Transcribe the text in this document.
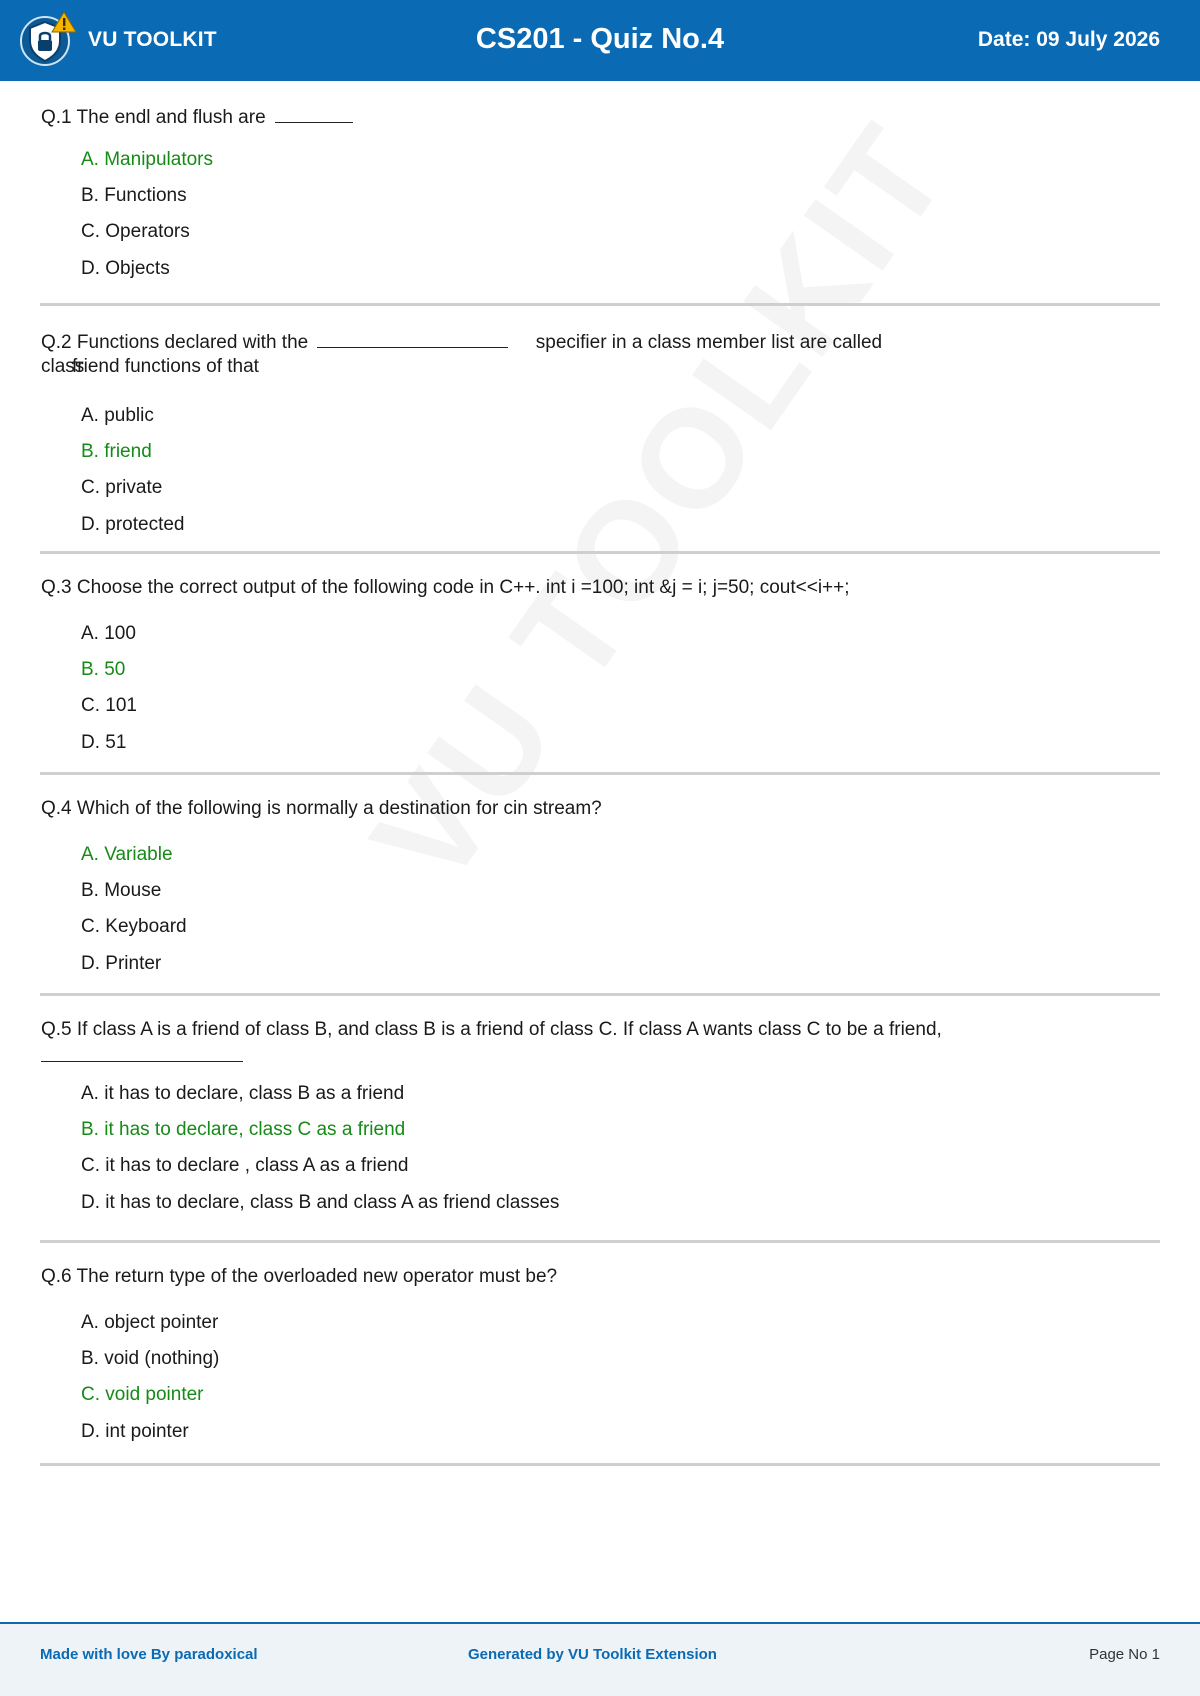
VU TOOLKIT	CS201 - Quiz No.4	Date: 09 July 2026
Q.1 The endl and flush are
A. Manipulators
B. Functions
C. Operators
D. Objects
Q.2 Functions declared with the	specifier in a class member list are called
class
friend functions of that
A. public
B. friend
C. private
D. protected
Q.3 Choose the correct output of the following code in C++. int i =100; int &j = i; j=50; cout<<i++;
A. 100
B. 50
C. 101
D. 51
Q.4 Which of the following is normally a destination for cin stream?
A. Variable
B. Mouse
C. Keyboard
D. Printer
Q.5 If class A is a friend of class B, and class B is a friend of class C. If class A wants class C to be a friend,
A. it has to declare, class B as a friend
B. it has to declare, class C as a friend
C. it has to declare , class A as a friend
D. it has to declare, class B and class A as friend classes
Q.6 The return type of the overloaded new operator must be?
A. object pointer
B. void (nothing)
C. void pointer
D. int pointer
Made with love By paradoxical	Generated by VU Toolkit Extension	Page No 1
